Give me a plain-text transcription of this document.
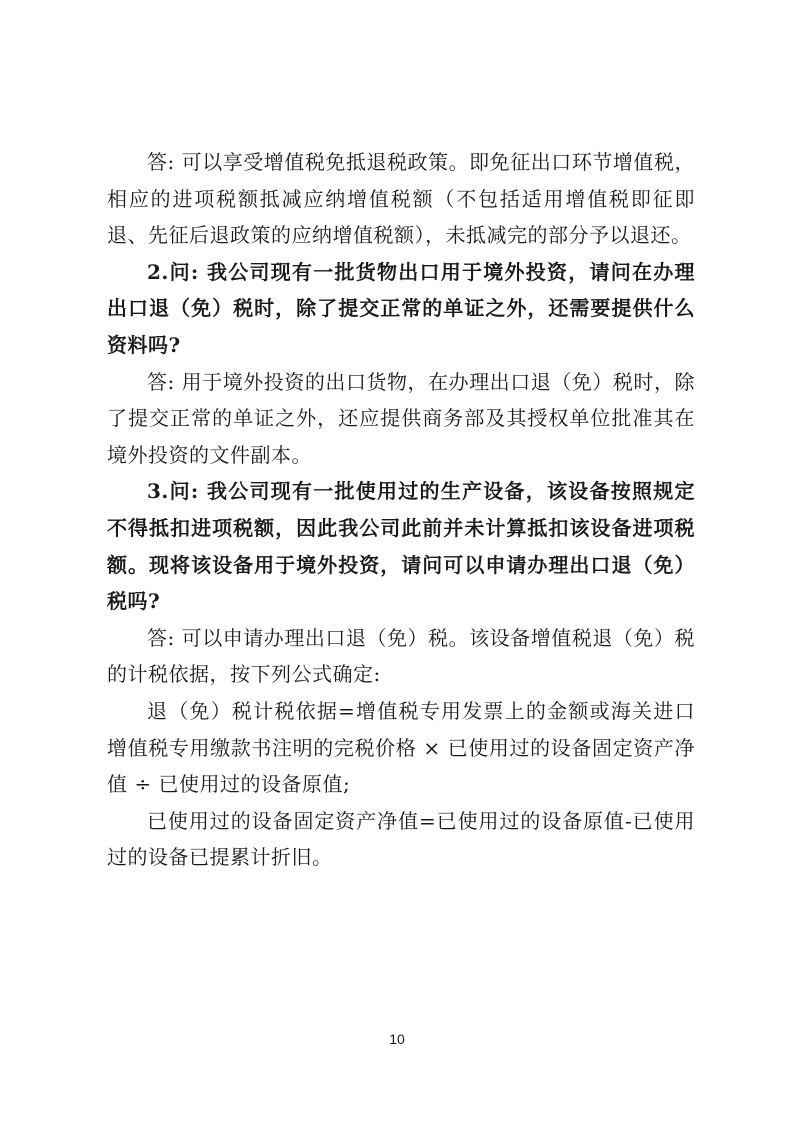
答: 可以享受增值税免抵退税政策。即免征出口环节增值税，相应的进项税额抵减应纳增值税额（不包括适用增值税即征即退、先征后退政策的应纳增值税额），未抵减完的部分予以退还。

2.问: 我公司现有一批货物出口用于境外投资，请问在办理出口退（免）税时，除了提交正常的单证之外，还需要提供什么资料吗?

答: 用于境外投资的出口货物，在办理出口退（免）税时，除了提交正常的单证之外，还应提供商务部及其授权单位批准其在境外投资的文件副本。

3.问: 我公司现有一批使用过的生产设备，该设备按照规定不得抵扣进项税额，因此我公司此前并未计算抵扣该设备进项税额。现将该设备用于境外投资，请问可以申请办理出口退（免）税吗?

答: 可以申请办理出口退（免）税。该设备增值税退（免）税的计税依据，按下列公式确定:

退（免）税计税依据=增值税专用发票上的金额或海关进口增值税专用缴款书注明的完税价格 × 已使用过的设备固定资产净值 ÷ 已使用过的设备原值;

已使用过的设备固定资产净值=已使用过的设备原值-已使用过的设备已提累计折旧。

10
